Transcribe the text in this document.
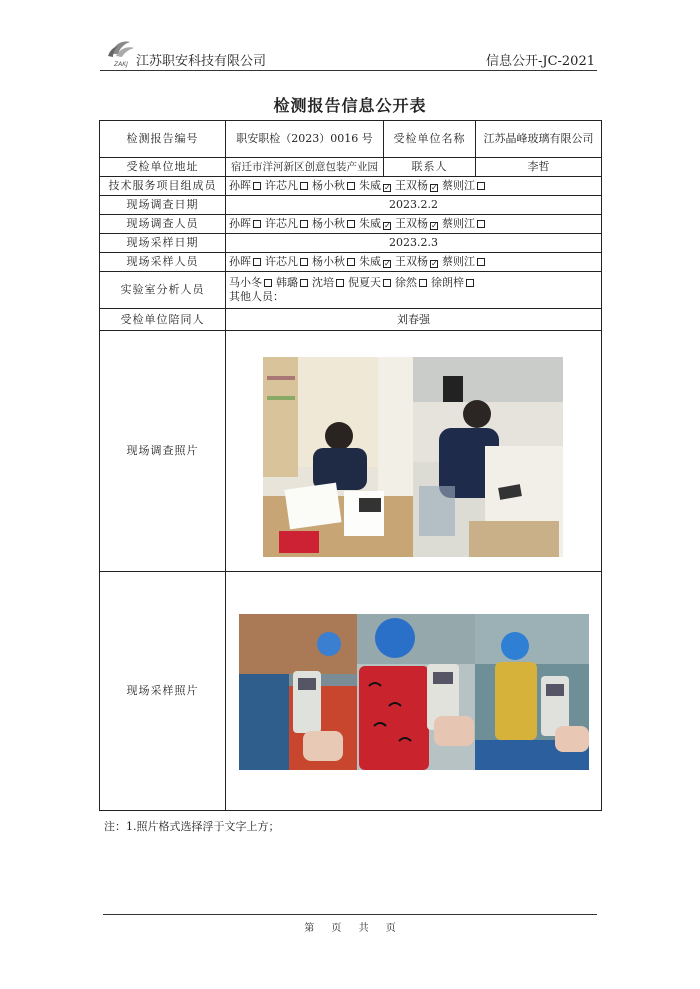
ZAKJ 江苏职安科技有限公司	信息公开-JC-2021
检测报告信息公开表
检测报告编号	职安职检（2023）0016 号	受检单位名称	江苏晶峰玻璃有限公司
受检单位地址	宿迁市洋河新区创意包装产业园	联系人	李哲
技术服务项目组成员	孙晖 许芯凡 杨小秋 朱威 ✓ 王双杨 ✓ 蔡则江		
现场调查日期	2023.2.2		
现场调查人员	孙晖 许芯凡 杨小秋 朱威 ✓ 王双杨 ✓ 蔡则江		
现场采样日期	2023.2.3		
现场采样人员	孙晖 许芯凡 杨小秋 朱威 ✓ 王双杨 ✓ 蔡则江		
实验室分析人员	马小冬 韩璐 沈培 倪夏天 徐然 徐朗梓
其他人员：		

受检单位陪同人	刘春强		
现场调查照片	

现场采样照片	
注：1.照片格式选择浮于文字上方；
第 页 共 页
